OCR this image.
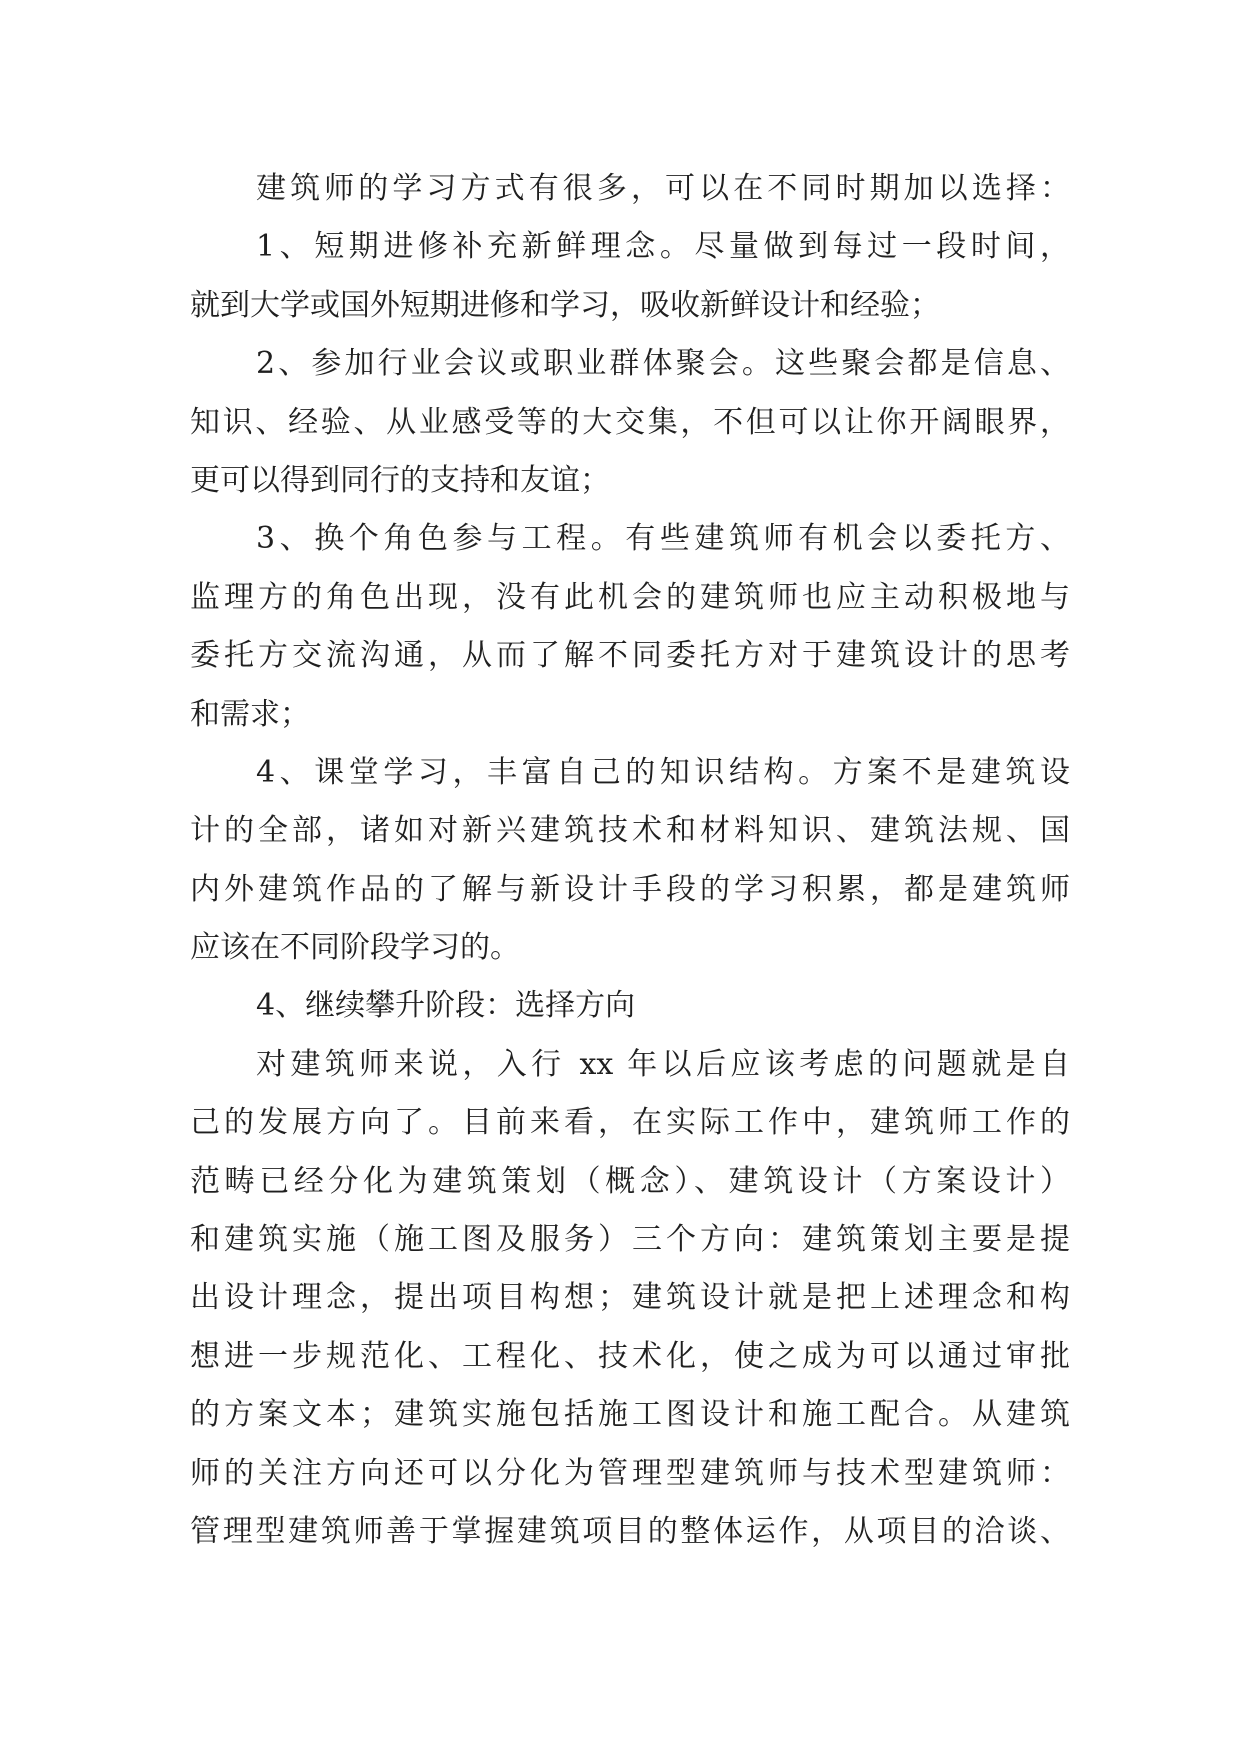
建筑师的学习方式有很多，可以在不同时期加以选择：
1、短期进修补充新鲜理念。尽量做到每过一段时间，
就到大学或国外短期进修和学习，吸收新鲜设计和经验；
2、参加行业会议或职业群体聚会。这些聚会都是信息、
知识、经验、从业感受等的大交集，不但可以让你开阔眼界，
更可以得到同行的支持和友谊；
3、换个角色参与工程。有些建筑师有机会以委托方、
监理方的角色出现，没有此机会的建筑师也应主动积极地与
委托方交流沟通，从而了解不同委托方对于建筑设计的思考
和需求；
4、课堂学习，丰富自己的知识结构。方案不是建筑设
计的全部，诸如对新兴建筑技术和材料知识、建筑法规、国
内外建筑作品的了解与新设计手段的学习积累，都是建筑师
应该在不同阶段学习的。
4、继续攀升阶段：选择方向
对建筑师来说，入行 xx 年以后应该考虑的问题就是自
己的发展方向了。目前来看，在实际工作中，建筑师工作的
范畴已经分化为建筑策划（概念）、建筑设计（方案设计）
和建筑实施（施工图及服务）三个方向：建筑策划主要是提
出设计理念，提出项目构想；建筑设计就是把上述理念和构
想进一步规范化、工程化、技术化，使之成为可以通过审批
的方案文本；建筑实施包括施工图设计和施工配合。从建筑
师的关注方向还可以分化为管理型建筑师与技术型建筑师：
管理型建筑师善于掌握建筑项目的整体运作，从项目的洽谈、
